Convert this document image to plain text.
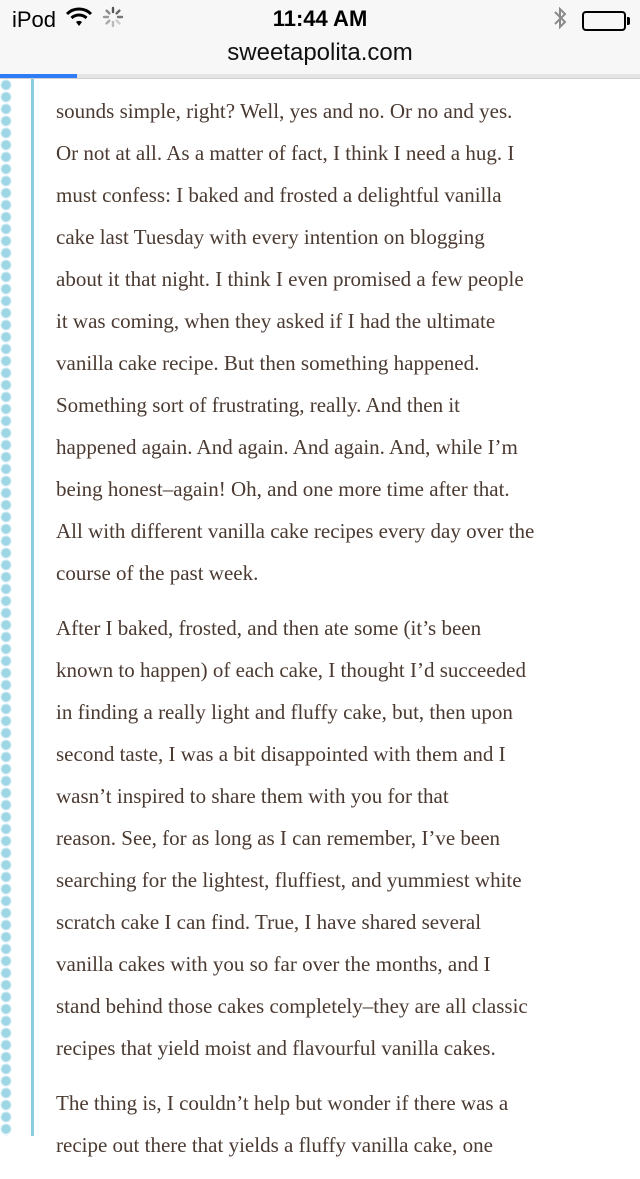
iPod	11:44 AM
sweetapolita.com

sounds simple, right? Well, yes and no. Or no and yes.
Or not at all. As a matter of fact, I think I need a hug. I
must confess: I baked and frosted a delightful vanilla
cake last Tuesday with every intention on blogging
about it that night. I think I even promised a few people
it was coming, when they asked if I had the ultimate
vanilla cake recipe. But then something happened.
Something sort of frustrating, really. And then it
happened again. And again. And again. And, while I’m
being honest–again! Oh, and one more time after that.
All with different vanilla cake recipes every day over the
course of the past week.

After I baked, frosted, and then ate some (it’s been
known to happen) of each cake, I thought I’d succeeded
in finding a really light and fluffy cake, but, then upon
second taste, I was a bit disappointed with them and I
wasn’t inspired to share them with you for that
reason. See, for as long as I can remember, I’ve been
searching for the lightest, fluffiest, and yummiest white
scratch cake I can find. True, I have shared several
vanilla cakes with you so far over the months, and I
stand behind those cakes completely–they are all classic
recipes that yield moist and flavourful vanilla cakes.

The thing is, I couldn’t help but wonder if there was a
recipe out there that yields a fluffy vanilla cake, one
